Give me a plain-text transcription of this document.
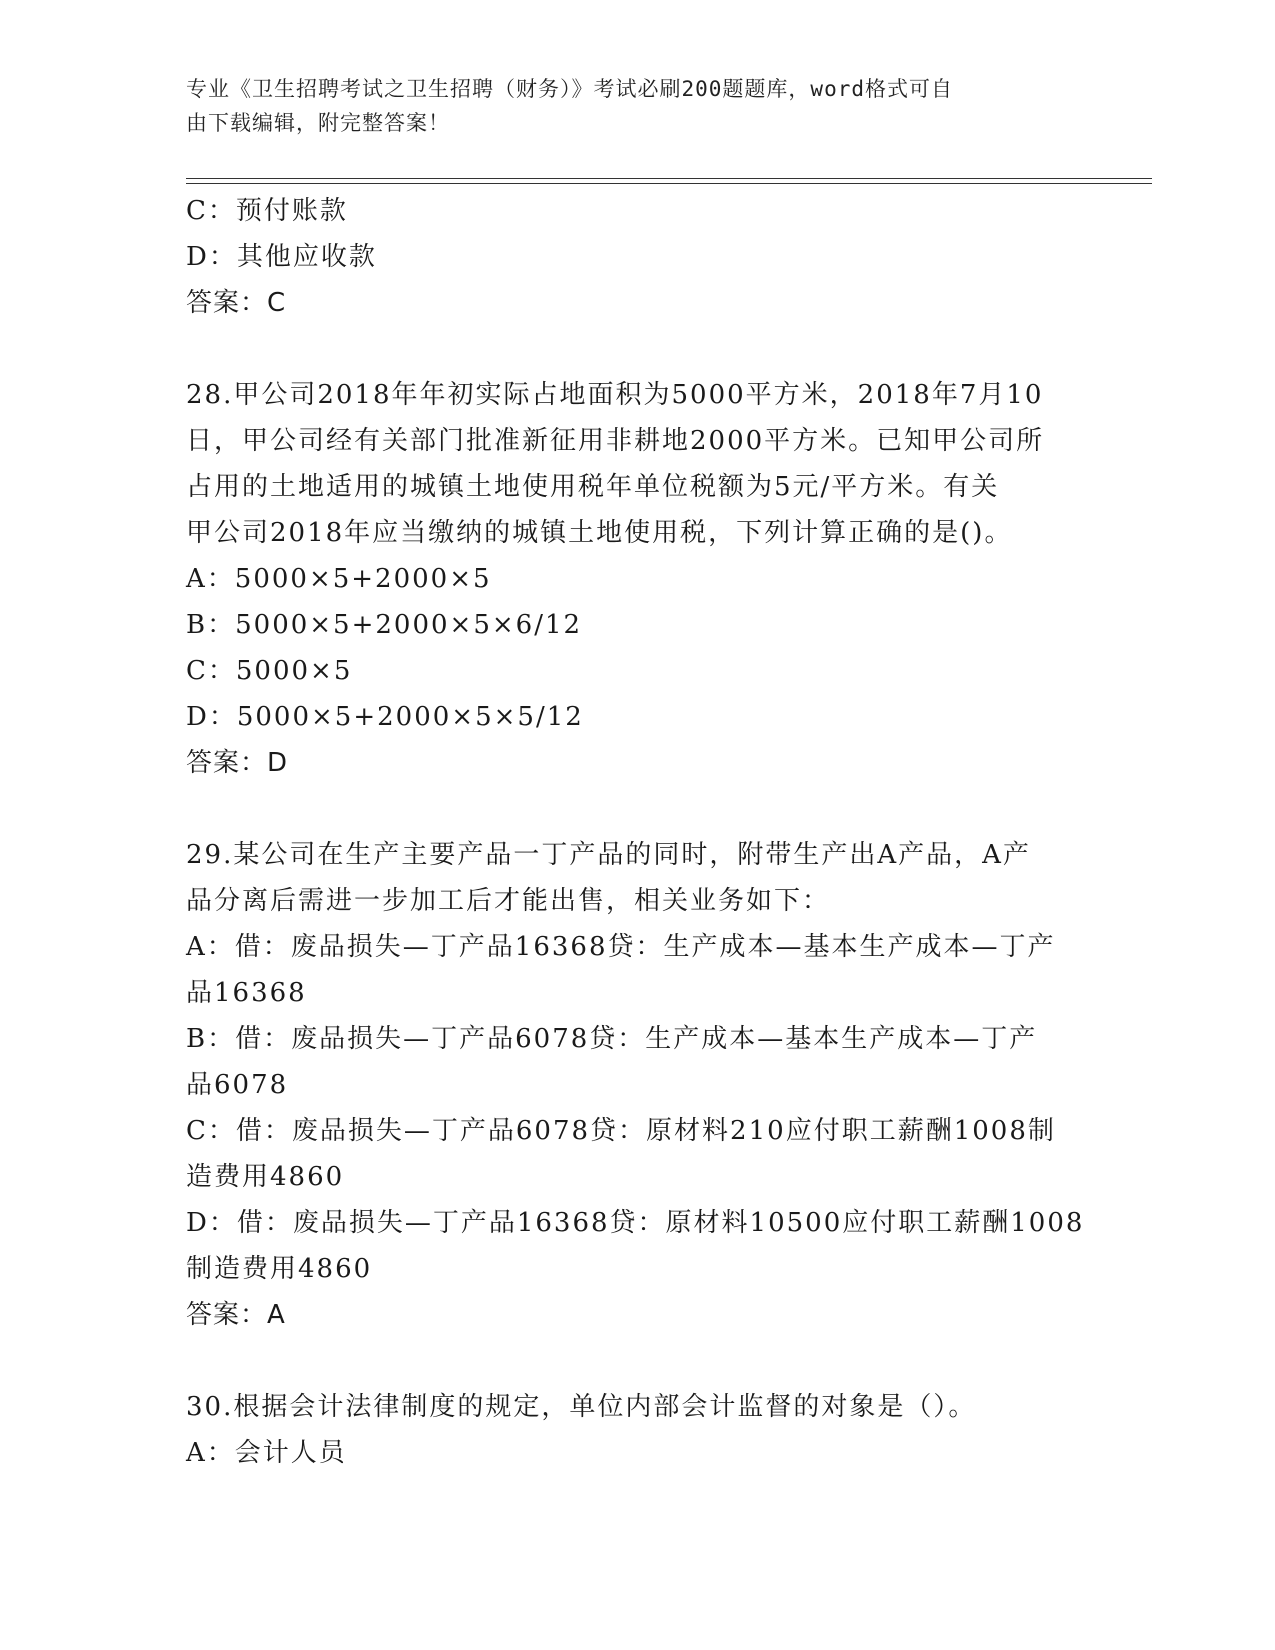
专业《卫生招聘考试之卫生招聘（财务）》考试必刷200题题库，word格式可自
由下载编辑，附完整答案！
C：预付账款
D：其他应收款
答案：C
28.甲公司2018年年初实际占地面积为5000平方米，2018年7月10
日，甲公司经有关部门批准新征用非耕地2000平方米。已知甲公司所
占用的土地适用的城镇土地使用税年单位税额为5元/平方米。有关
甲公司2018年应当缴纳的城镇土地使用税，下列计算正确的是()。
A：5000×5+2000×5
B：5000×5+2000×5×6/12
C：5000×5
D：5000×5+2000×5×5/12
答案：D
29.某公司在生产主要产品一丁产品的同时，附带生产出A产品，A产
品分离后需进一步加工后才能出售，相关业务如下：
A：借：废品损失—丁产品16368贷：生产成本—基本生产成本—丁产
品16368
B：借：废品损失—丁产品6078贷：生产成本—基本生产成本—丁产
品6078
C：借：废品损失—丁产品6078贷：原材料210应付职工薪酬1008制
造费用4860
D：借：废品损失—丁产品16368贷：原材料10500应付职工薪酬1008
制造费用4860
答案：A
30.根据会计法律制度的规定，单位内部会计监督的对象是（）。
A：会计人员
